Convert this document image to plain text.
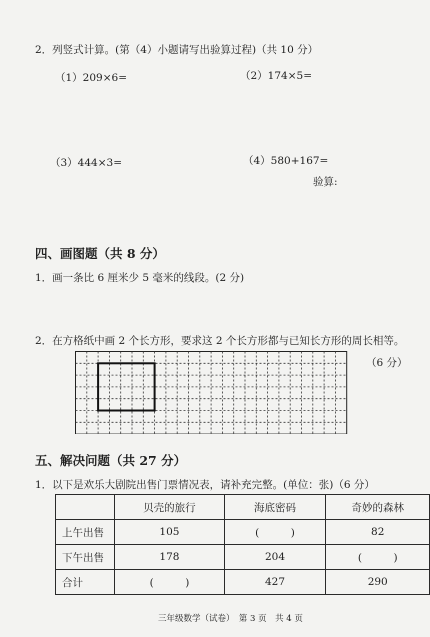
2．列竖式计算。(第（4）小题请写出验算过程)（共 10 分）
（1）209×6=	（2）174×5=
（3）444×3=	（4）580+167=
验算:
四、画图题（共 8 分）
1．画一条比 6 厘米少 5 毫米的线段。(2 分)
2．在方格纸中画 2 个长方形，要求这 2 个长方形都与已知长方形的周长相等。
（6 分）
五、解决问题（共 27 分）
1．以下是欢乐大剧院出售门票情况表，请补充完整。(单位：张)（6 分）
	贝壳的旅行	海底密码	奇妙的森林
上午出售	105	(　　　)	82
下午出售	178	204	(　　　)
合计	(　　　)	427	290
三年级数学（试卷）　第 3 页　共 4 页
